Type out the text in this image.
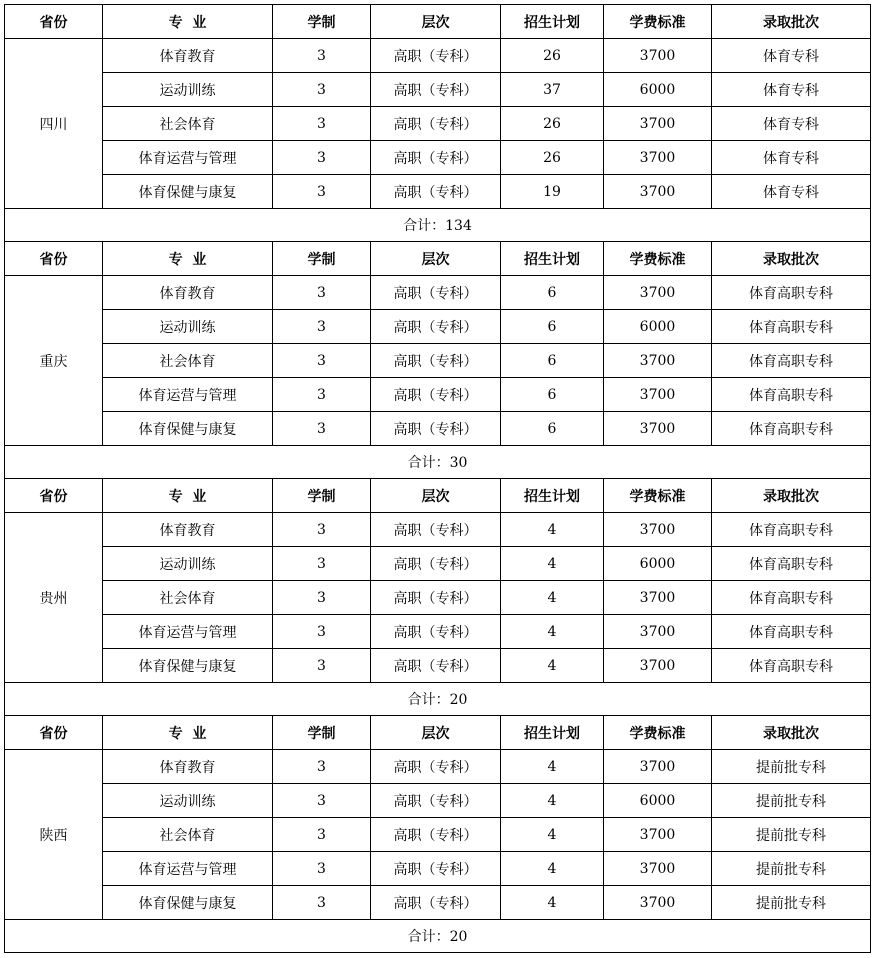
省份	专  业	学制	层次	招生计划	学费标准	录取批次
四川	体育教育	3	高职（专科）	26	3700	体育专科
	运动训练	3	高职（专科）	37	6000	体育专科
	社会体育	3	高职（专科）	26	3700	体育专科
	体育运营与管理	3	高职（专科）	26	3700	体育专科
	体育保健与康复	3	高职（专科）	19	3700	体育专科
合计：134						
省份	专  业	学制	层次	招生计划	学费标准	录取批次
重庆	体育教育	3	高职（专科）	6	3700	体育高职专科
	运动训练	3	高职（专科）	6	6000	体育高职专科
	社会体育	3	高职（专科）	6	3700	体育高职专科
	体育运营与管理	3	高职（专科）	6	3700	体育高职专科
	体育保健与康复	3	高职（专科）	6	3700	体育高职专科
合计：30						
省份	专  业	学制	层次	招生计划	学费标准	录取批次
贵州	体育教育	3	高职（专科）	4	3700	体育高职专科
	运动训练	3	高职（专科）	4	6000	体育高职专科
	社会体育	3	高职（专科）	4	3700	体育高职专科
	体育运营与管理	3	高职（专科）	4	3700	体育高职专科
	体育保健与康复	3	高职（专科）	4	3700	体育高职专科
合计：20						
省份	专  业	学制	层次	招生计划	学费标准	录取批次
陕西	体育教育	3	高职（专科）	4	3700	提前批专科
	运动训练	3	高职（专科）	4	6000	提前批专科
	社会体育	3	高职（专科）	4	3700	提前批专科
	体育运营与管理	3	高职（专科）	4	3700	提前批专科
	体育保健与康复	3	高职（专科）	4	3700	提前批专科
合计：20						
